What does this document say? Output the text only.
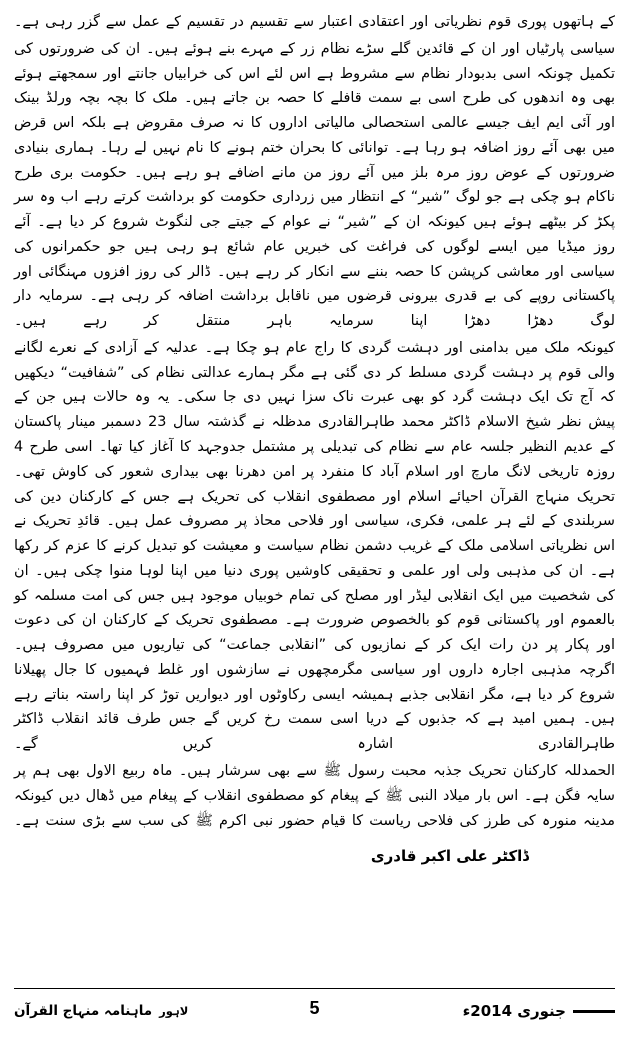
کے ہاتھوں پوری قوم نظریاتی اور اعتقادی اعتبار سے تقسیم در تقسیم کے عمل سے گزر رہی ہے۔

سیاسی پارٹیاں اور ان کے قائدین گلے سڑے نظام زر کے مہرے بنے ہوئے ہیں۔ ان کی ضرورتوں کی تکمیل چونکہ اسی بدبودار نظام سے مشروط ہے اس لئے اس کی خرابیاں جانتے اور سمجھتے ہوئے بھی وہ اندھوں کی طرح اسی بے سمت قافلے کا حصہ بن جاتے ہیں۔ ملک کا بچہ بچہ ورلڈ بینک اور آئی ایم ایف جیسے عالمی استحصالی مالیاتی اداروں کا نہ صرف مقروض ہے بلکہ اس قرض میں بھی آئے روز اضافہ ہو رہا ہے۔ توانائی کا بحران ختم ہونے کا نام نہیں لے رہا۔ ہماری بنیادی ضرورتوں کے عوض روز مرہ بلز میں آئے روز من مانے اضافے ہو رہے ہیں۔ حکومت بری طرح ناکام ہو چکی ہے جو لوگ ”شیر“ کے انتظار میں زرداری حکومت کو برداشت کرتے رہے اب وہ سر پکڑ کر بیٹھے ہوئے ہیں کیونکہ ان کے ”شیر“ نے عوام کے جیتے جی لنگوٹ شروع کر دیا ہے۔ آئے روز میڈیا میں ایسے لوگوں کی فراغت کی خبریں عام شائع ہو رہی ہیں جو حکمرانوں کی سیاسی اور معاشی کرپشن کا حصہ بننے سے انکار کر رہے ہیں۔ ڈالر کی روز افزوں مہنگائی اور پاکستانی روپے کی بے قدری بیرونی قرضوں میں ناقابل برداشت اضافہ کر رہی ہے۔ سرمایہ دار لوگ دھڑا دھڑا اپنا سرمایہ باہر منتقل کر رہے ہیں۔

کیونکہ ملک میں بدامنی اور دہشت گردی کا راج عام ہو چکا ہے۔ عدلیہ کے آزادی کے نعرے لگانے والی قوم پر دہشت گردی مسلط کر دی گئی ہے مگر ہمارے عدالتی نظام کی ”شفافیت“ دیکھیں کہ آج تک ایک دہشت گرد کو بھی عبرت ناک سزا نہیں دی جا سکی۔ یہ وہ حالات ہیں جن کے پیش نظر شیخ الاسلام ڈاکٹر محمد طاہرالقادری مدظلہ نے گذشتہ سال 23 دسمبر مینار پاکستان کے عدیم النظیر جلسہ عام سے نظام کی تبدیلی پر مشتمل جدوجہد کا آغاز کیا تھا۔ اسی طرح 4 روزہ تاریخی لانگ مارچ اور اسلام آباد کا منفرد پر امن دھرنا بھی بیداری شعور کی کاوش تھی۔ تحریک منہاج القرآن احیائے اسلام اور مصطفوی انقلاب کی تحریک ہے جس کے کارکنان دین کی سربلندی کے لئے ہر علمی، فکری، سیاسی اور فلاحی محاذ پر مصروف عمل ہیں۔ قائدِ تحریک نے اس نظریاتی اسلامی ملک کے غریب دشمن نظام سیاست و معیشت کو تبدیل کرنے کا عزم کر رکھا ہے۔ ان کی مذہبی ولی اور علمی و تحقیقی کاوشیں پوری دنیا میں اپنا لوہا منوا چکی ہیں۔ ان کی شخصیت میں ایک انقلابی لیڈر اور مصلح کی تمام خوبیاں موجود ہیں جس کی امت مسلمہ کو بالعموم اور پاکستانی قوم کو بالخصوص ضرورت ہے۔ مصطفوی تحریک کے کارکنان ان کی دعوت اور پکار پر دن رات ایک کر کے نمازیوں کی ”انقلابی جماعت“ کی تیاریوں میں مصروف ہیں۔ اگرچہ مذہبی اجارہ داروں اور سیاسی مگرمچھوں نے سازشوں اور غلط فہمیوں کا جال پھیلانا شروع کر دیا ہے، مگر انقلابی جذبے ہمیشہ ایسی رکاوٹوں اور دیواریں توڑ کر اپنا راستہ بناتے رہے ہیں۔ ہمیں امید ہے کہ جذبوں کے دریا اسی سمت رخ کریں گے جس طرف قائد انقلاب ڈاکٹر طاہرالقادری اشارہ کریں گے۔

الحمدللہ کارکنان تحریک جذبہ محبت رسول ﷺ سے بھی سرشار ہیں۔ ماہ ربیع الاول بھی ہم پر سایہ فگن ہے۔ اس بار میلاد النبی ﷺ کے پیغام کو مصطفوی انقلاب کے پیغام میں ڈھال دیں کیونکہ مدینہ منورہ کی طرز کی فلاحی ریاست کا قیام حضور نبی اکرم ﷺ کی سب سے بڑی سنت ہے۔

ڈاکٹر علی اکبر قادری
5
ماہنامہ منہاج القرآن لاہور	جنوری 2014ء
